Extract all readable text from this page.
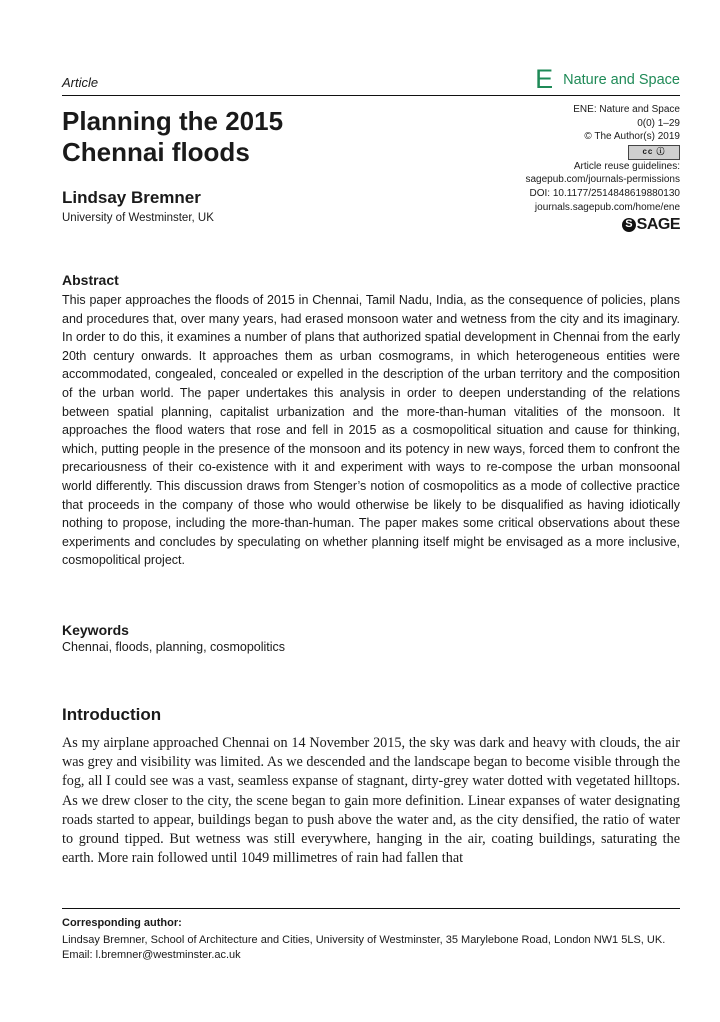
Article	E Nature and Space
ENE: Nature and Space
0(0) 1–29
© The Author(s) 2019
cc ⓘ
Article reuse guidelines:
sagepub.com/journals-permissions
DOI: 10.1177/2514848619880130
journals.sagepub.com/home/ene
S SAGE
Planning the 2015 Chennai floods
Lindsay Bremner
University of Westminster, UK
Abstract

This paper approaches the floods of 2015 in Chennai, Tamil Nadu, India, as the consequence of policies, plans and procedures that, over many years, had erased monsoon water and wetness from the city and its imaginary. In order to do this, it examines a number of plans that authorized spatial development in Chennai from the early 20th century onwards. It approaches them as urban cosmograms, in which heterogeneous entities were accommodated, congealed, concealed or expelled in the description of the urban territory and the composition of the urban world. The paper undertakes this analysis in order to deepen understanding of the relations between spatial planning, capitalist urbanization and the more-than-human vitalities of the monsoon. It approaches the flood waters that rose and fell in 2015 as a cosmopolitical situation and cause for thinking, which, putting people in the presence of the monsoon and its potency in new ways, forced them to confront the precariousness of their co-existence with it and experiment with ways to re-compose the urban monsoonal world differently. This discussion draws from Stenger’s notion of cosmopolitics as a mode of collective practice that proceeds in the company of those who would otherwise be likely to be disqualified as having idiotically nothing to propose, including the more-than-human. The paper makes some critical observations about these experiments and concludes by speculating on whether planning itself might be envisaged as a more inclusive, cosmopolitical project.

Keywords
Chennai, floods, planning, cosmopolitics
Introduction

As my airplane approached Chennai on 14 November 2015, the sky was dark and heavy with clouds, the air was grey and visibility was limited. As we descended and the landscape began to become visible through the fog, all I could see was a vast, seamless expanse of stagnant, dirty-grey water dotted with vegetated hilltops. As we drew closer to the city, the scene began to gain more definition. Linear expanses of water designating roads started to appear, buildings began to push above the water and, as the city densified, the ratio of water to ground tipped. But wetness was still everywhere, hanging in the air, coating buildings, saturating the earth. More rain followed until 1049 millimetres of rain had fallen that

Corresponding author:
Lindsay Bremner, School of Architecture and Cities, University of Westminster, 35 Marylebone Road, London NW1 5LS, UK.
Email: l.bremner@westminster.ac.uk
